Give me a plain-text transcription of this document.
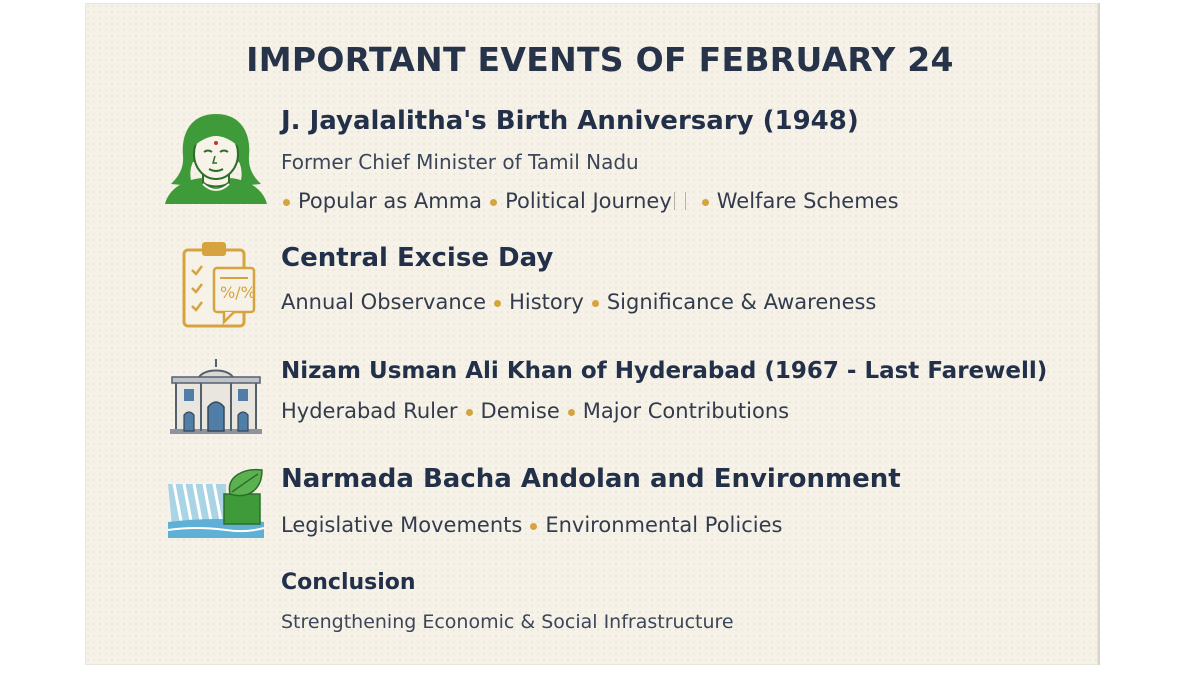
IMPORTANT EVENTS OF FEBRUARY 24
J. Jayalalitha's Birth Anniversary (1948)
Former Chief Minister of Tamil Nadu
Popular as Amma Political Journey Welfare Schemes
%/%
Central Excise Day
Annual Observance History Significance & Awareness
Nizam Usman Ali Khan of Hyderabad (1967 - Last Farewell)
Hyderabad Ruler Demise Major Contributions
Narmada Bacha Andolan and Environment
Legislative Movements Environmental Policies
Conclusion
Strengthening Economic & Social Infrastructure
